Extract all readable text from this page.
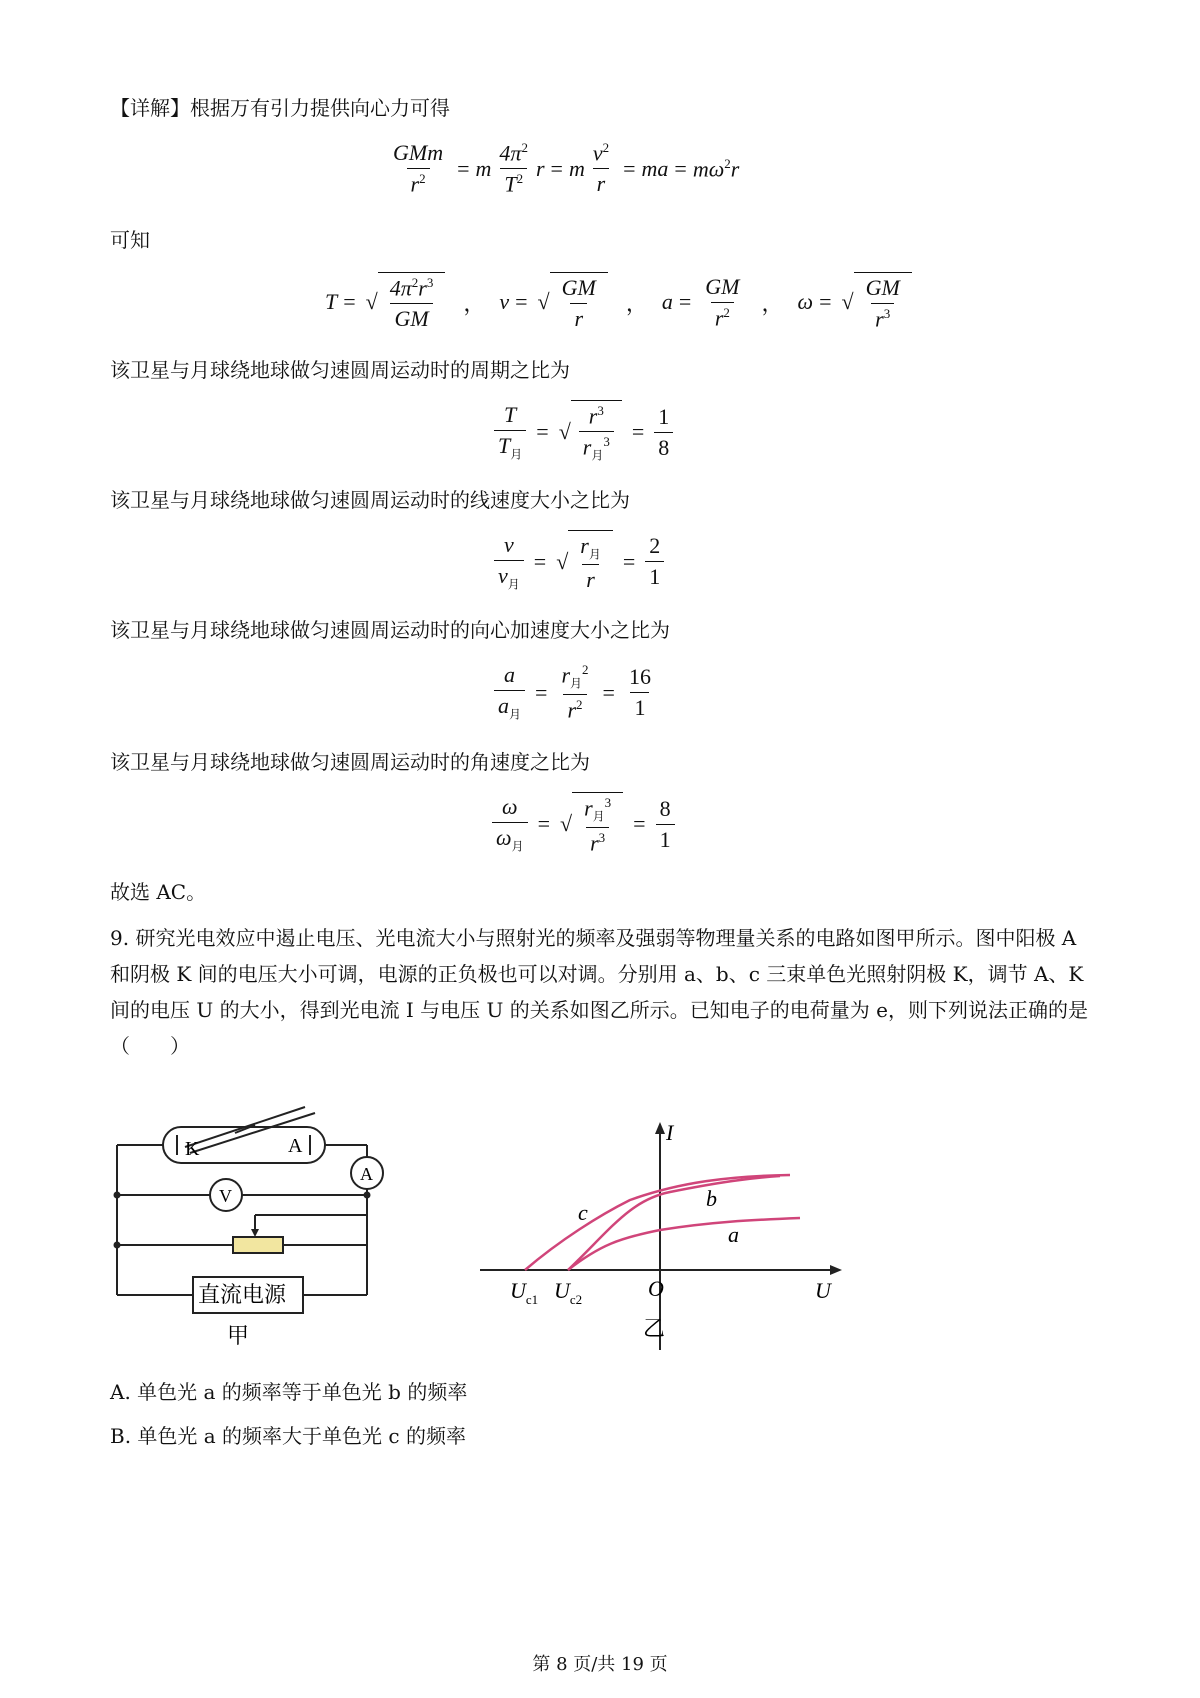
【详解】根据万有引力提供向心力可得
$\frac{\text{GMm}}{r^2} = m \frac{4\pi^2}{T^2}$ r = m $\frac{v^2}{r}$ = ma = $m\omega^2r$
可知
T = √ $\frac{4\pi^2r^3}{GM}$ ， v = √ $\frac{GM}{r}$ ， $a = \frac{GM}{r^2}$ ， ω = √ $\frac{GM}{r^3}$
该卫星与月球绕地球做匀速圆周运动时的周期之比为
$\frac{T}{T_月}$ = √ $\frac{r^3}{r_月^3} = \frac{1}{8}$
该卫星与月球绕地球做匀速圆周运动时的线速度大小之比为
$\frac{v}{v_月}$ = √ $\frac{r_月}{r} = \frac{2}{1}$
该卫星与月球绕地球做匀速圆周运动时的向心加速度大小之比为
$\frac{a}{a_月} = \frac{r_月^2}{r^2} = \frac{16}{1}$
该卫星与月球绕地球做匀速圆周运动时的角速度之比为
$\frac{\omega}{\omega_月}$ = √ $\frac{r_月^3}{r^3} = \frac{8}{1}$
故选 AC。
9. 研究光电效应中遏止电压、光电流大小与照射光的频率及强弱等物理量关系的电路如图甲所示。图中阳极 A 和阴极 K 间的电压大小可调，电源的正负极也可以对调。分别用 a、b、c 三束单色光照射阴极 K，调节 A、K 间的电压 U 的大小，得到光电流 I 与电压 U 的关系如图乙所示。已知电子的电荷量为 e，则下列说法正确的是（　　）
K	A
A
V
直流电源
甲
I
U
O
$U_{c1}$ $U_{c2}$
c
b
a
乙
A. 单色光 a 的频率等于单色光 b 的频率
B. 单色光 a 的频率大于单色光 c 的频率
第 8 页/共 19 页
